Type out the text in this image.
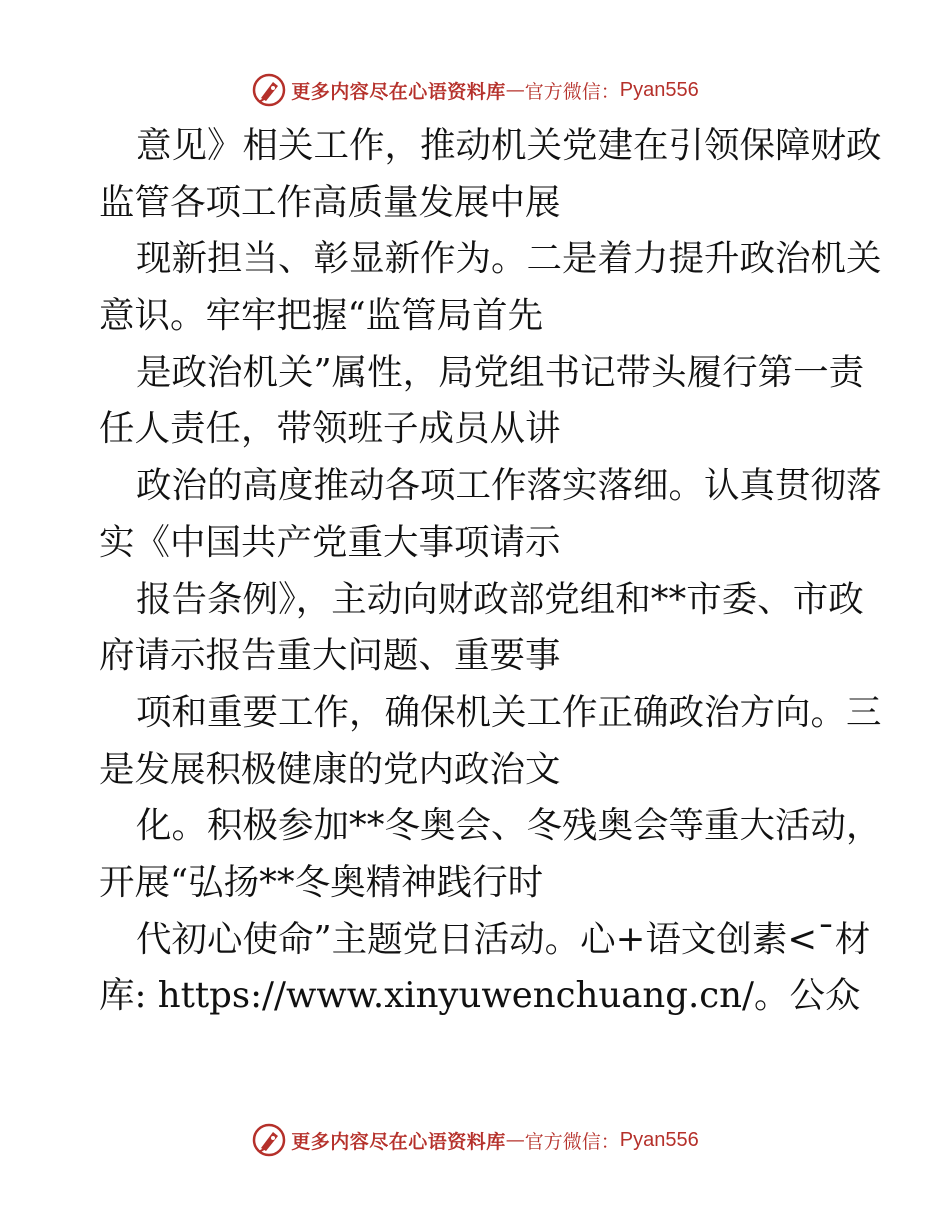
更多内容尽在心语资料库 — 官方微信： Pyan556
意见》相关工作，推动机关党建在引领保障财政
监管各项工作高质量发展中展
现新担当、彰显新作为。二是着力提升政治机关
意识。牢牢把握“监管局首先
是政治机关”属性，局党组书记带头履行第一责
任人责任，带领班子成员从讲
政治的高度推动各项工作落实落细。认真贯彻落
实《中国共产党重大事项请示
报告条例》，主动向财政部党组和**市委、市政
府请示报告重大问题、重要事
项和重要工作，确保机关工作正确政治方向。三
是发展积极健康的党内政治文
化。积极参加**冬奥会、冬残奥会等重大活动，
开展“弘扬**冬奥精神践行时
代初心使命”主题党日活动。心+语文创素<¯材
库: https://www.xinyuwenchuang.cn/。公众
更多内容尽在心语资料库 — 官方微信： Pyan556
